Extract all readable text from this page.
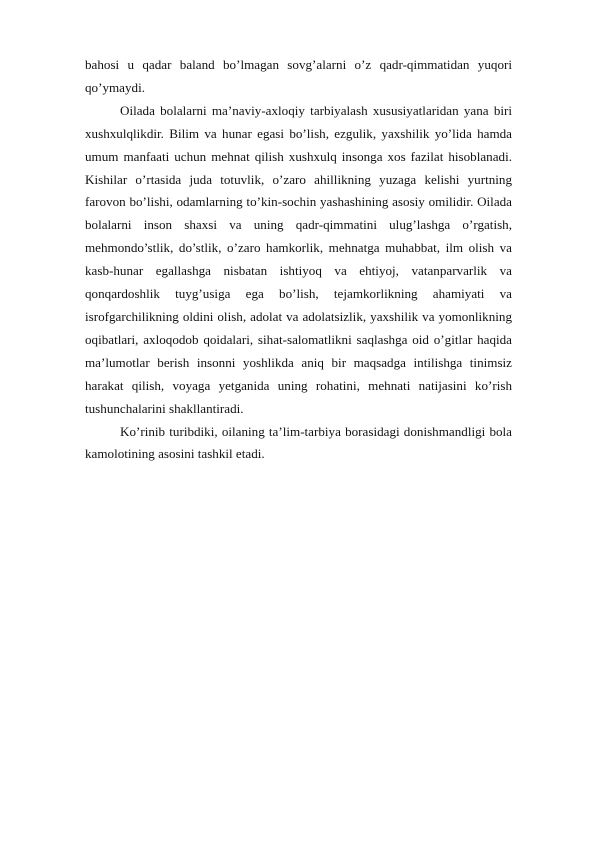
bahosi u qadar baland bo’lmagan sovg’alarni o’z qadr-qimmatidan yuqori qo’ymaydi.

Oilada bolalarni ma’naviy-axloqiy tarbiyalash xususiyatlaridan yana biri xushxulqlikdir. Bilim va hunar egasi bo’lish, ezgulik, yaxshilik yo’lida hamda umum manfaati uchun mehnat qilish xushxulq insonga xos fazilat hisoblanadi. Kishilar o’rtasida juda totuvlik, o’zaro ahillikning yuzaga kelishi yurtning farovon bo’lishi, odamlarning to’kin-sochin yashashining asosiy omilidir. Oilada bolalarni inson shaxsi va uning qadr-qimmatini ulug’lashga o’rgatish, mehmondo’stlik, do’stlik, o’zaro hamkorlik, mehnatga muhabbat, ilm olish va kasb-hunar egallashga nisbatan ishtiyoq va ehtiyoj, vatanparvarlik va qonqardoshlik tuyg’usiga ega bo’lish, tejamkorlikning ahamiyati va isrofgarchilikning oldini olish, adolat va adolatsizlik, yaxshilik va yomonlikning oqibatlari, axloqodob qoidalari, sihat-salomatlikni saqlashga oid o’gitlar haqida ma’lumotlar berish insonni yoshlikda aniq bir maqsadga intilishga tinimsiz harakat qilish, voyaga yetganida uning rohatini, mehnati natijasini ko’rish tushunchalarini shakllantiradi.

Ko’rinib turibdiki, oilaning ta’lim-tarbiya borasidagi donishmandligi bola kamolotining asosini tashkil etadi.
